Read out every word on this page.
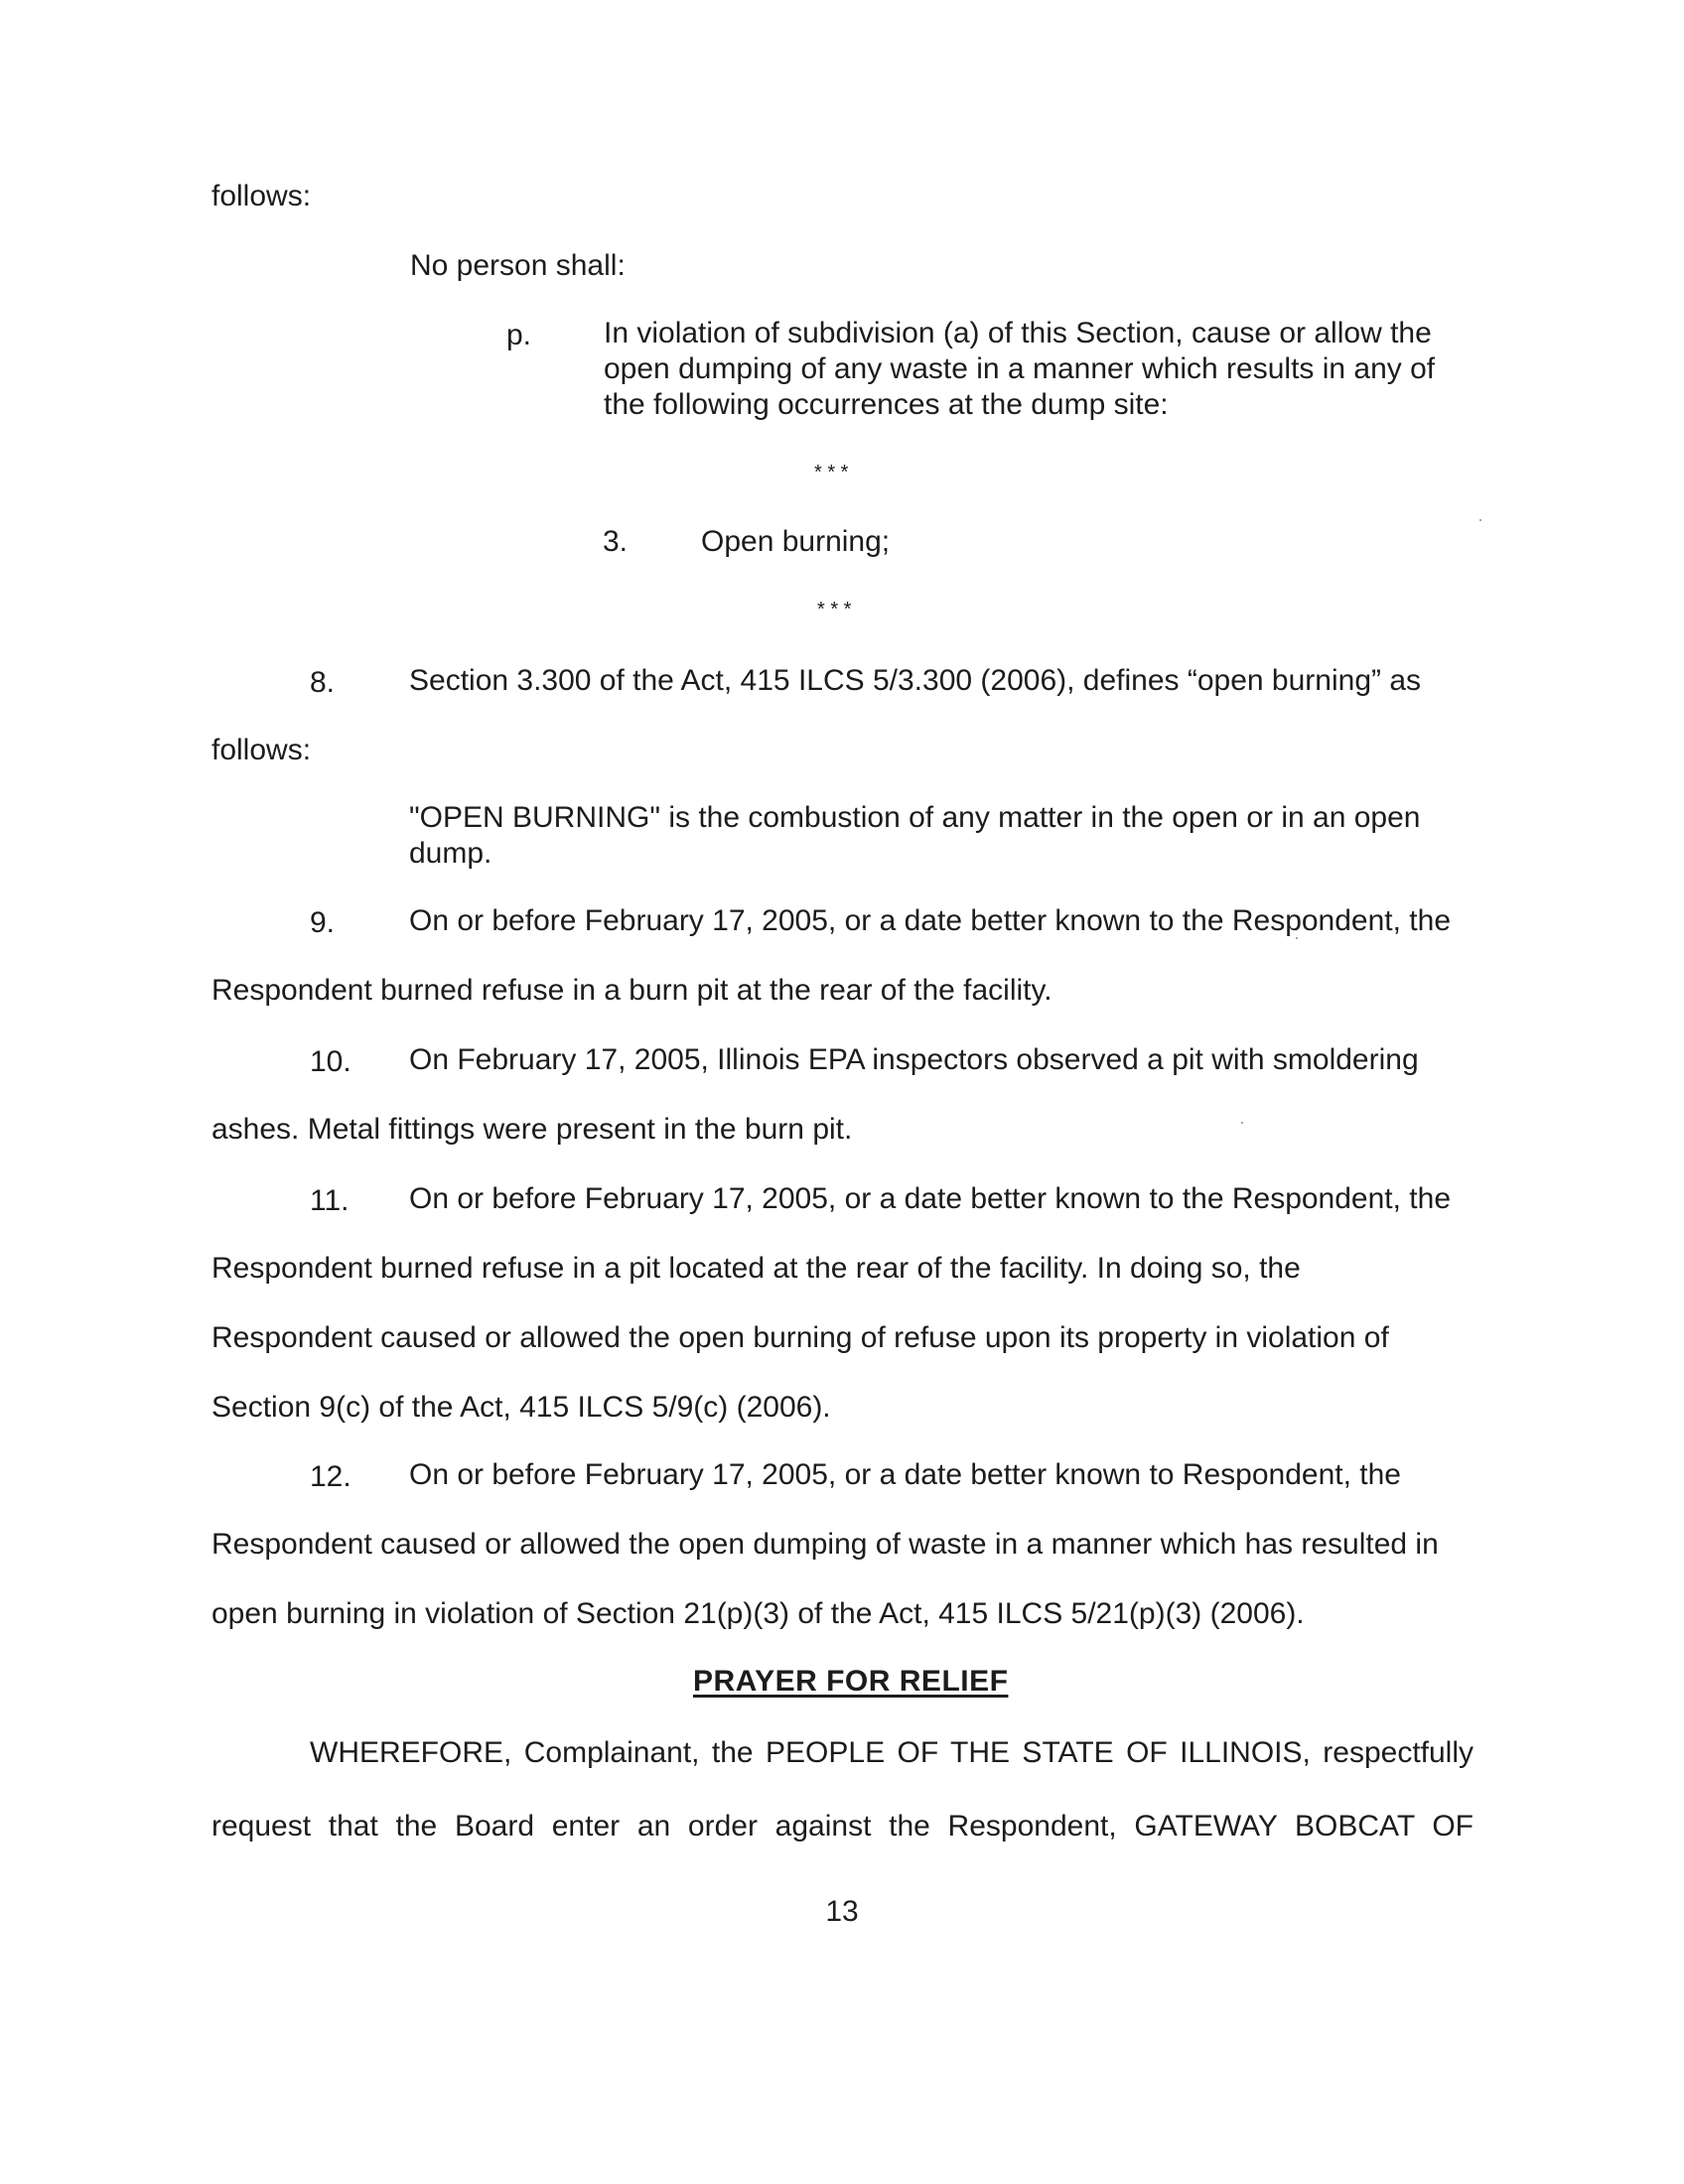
follows:
No person shall:
p. In violation of subdivision (a) of this Section, cause or allow the
open dumping of any waste in a manner which results in any of
the following occurrences at the dump site:
* * *
3. Open burning;
* * *
8. Section 3.300 of the Act, 415 ILCS 5/3.300 (2006), defines “open burning” as
follows:
"OPEN BURNING" is the combustion of any matter in the open or in an open
dump.
9. On or before February 17, 2005, or a date better known to the Respondent, the
Respondent burned refuse in a burn pit at the rear of the facility.
10. On February 17, 2005, Illinois EPA inspectors observed a pit with smoldering
ashes. Metal fittings were present in the burn pit.
11. On or before February 17, 2005, or a date better known to the Respondent, the
Respondent burned refuse in a pit located at the rear of the facility. In doing so, the
Respondent caused or allowed the open burning of refuse upon its property in violation of
Section 9(c) of the Act, 415 ILCS 5/9(c) (2006).
12. On or before February 17, 2005, or a date better known to Respondent, the
Respondent caused or allowed the open dumping of waste in a manner which has resulted in
open burning in violation of Section 21(p)(3) of the Act, 415 ILCS 5/21(p)(3) (2006).
PRAYER FOR RELIEF
WHEREFORE, Complainant, the PEOPLE OF THE STATE OF ILLINOIS, respectfully
request that the Board enter an order against the Respondent, GATEWAY BOBCAT OF
13
